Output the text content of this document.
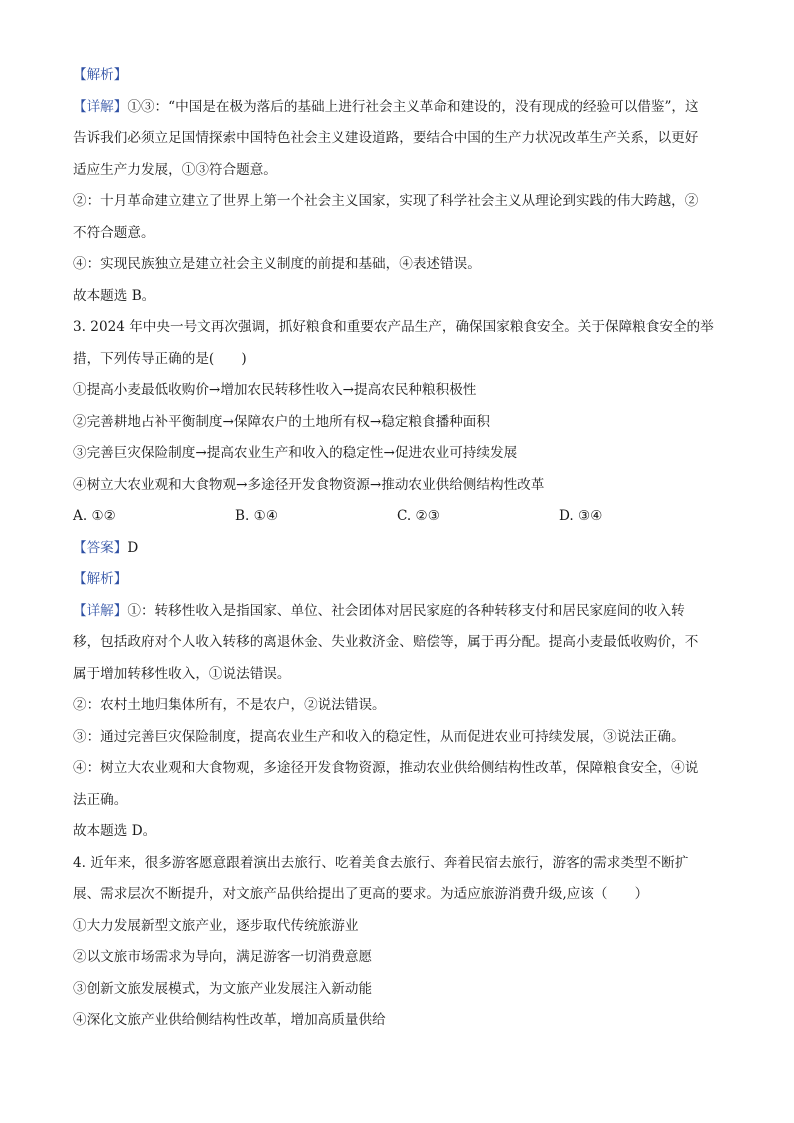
【解析】
【详解】①③：“中国是在极为落后的基础上进行社会主义革命和建设的，没有现成的经验可以借鉴”，这
告诉我们必须立足国情探索中国特色社会主义建设道路，要结合中国的生产力状况改革生产关系，以更好
适应生产力发展，①③符合题意。
②：十月革命建立建立了世界上第一个社会主义国家，实现了科学社会主义从理论到实践的伟大跨越，②
不符合题意。
④：实现民族独立是建立社会主义制度的前提和基础，④表述错误。
故本题选 B。
3. 2024 年中央一号文再次强调，抓好粮食和重要农产品生产，确保国家粮食安全。关于保障粮食安全的举
措，下列传导正确的是(　　)
①提高小麦最低收购价→增加农民转移性收入→提高农民种粮积极性
②完善耕地占补平衡制度→保障农户的土地所有权→稳定粮食播种面积
③完善巨灾保险制度→提高农业生产和收入的稳定性→促进农业可持续发展
④树立大农业观和大食物观→多途径开发食物资源→推动农业供给侧结构性改革
A. ①②	B. ①④	C. ②③	D. ③④
【答案】D
【解析】
【详解】①：转移性收入是指国家、单位、社会团体对居民家庭的各种转移支付和居民家庭间的收入转
移，包括政府对个人收入转移的离退休金、失业救济金、赔偿等，属于再分配。提高小麦最低收购价，不
属于增加转移性收入，①说法错误。
②：农村土地归集体所有，不是农户，②说法错误。
③：通过完善巨灾保险制度，提高农业生产和收入的稳定性，从而促进农业可持续发展，③说法正确。
④：树立大农业观和大食物观，多途径开发食物资源，推动农业供给侧结构性改革，保障粮食安全，④说
法正确。
故本题选 D。
4. 近年来，很多游客愿意跟着演出去旅行、吃着美食去旅行、奔着民宿去旅行，游客的需求类型不断扩
展、需求层次不断提升，对文旅产品供给提出了更高的要求。为适应旅游消费升级,应该（　　）
①大力发展新型文旅产业，逐步取代传统旅游业
②以文旅市场需求为导向，满足游客一切消费意愿
③创新文旅发展模式，为文旅产业发展注入新动能
④深化文旅产业供给侧结构性改革，增加高质量供给
